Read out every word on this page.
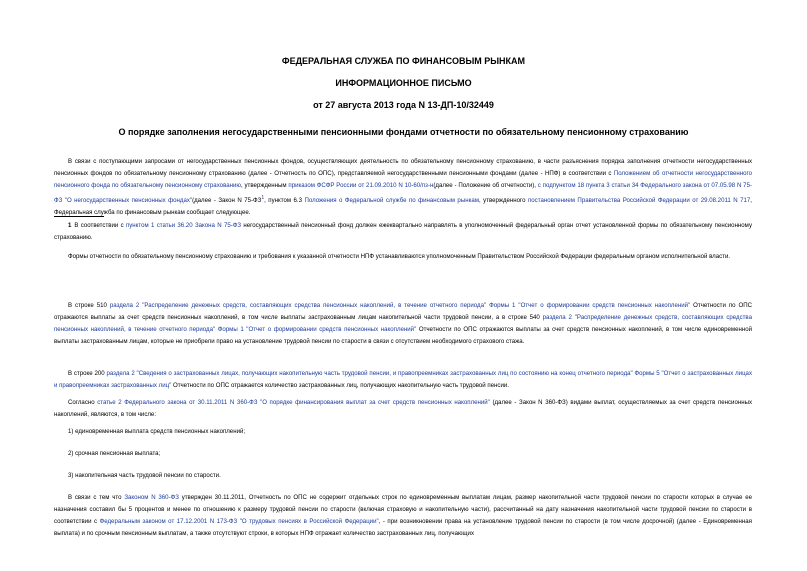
ФЕДЕРАЛЬНАЯ СЛУЖБА ПО ФИНАНСОВЫМ РЫНКАМ
ИНФОРМАЦИОННОЕ ПИСЬМО
от 27 августа 2013 года N 13-ДП-10/32449
О порядке заполнения негосударственными пенсионными фондами отчетности по обязательному пенсионному страхованию
В связи с поступающими запросами от негосударственных пенсионных фондов, осуществляющих деятельность по обязательному пенсионному страхованию, в части разъяснения порядка заполнения отчетности негосударственных пенсионных фондов по обязательному пенсионному страхованию (далее - Отчетность по ОПС), представляемой негосударственными пенсионными фондами (далее - НПФ) в соответствии с Положением об отчетности негосударственного пенсионного фонда по обязательному пенсионному страхованию, утвержденным приказом ФСФР России от 21.09.2010 N 10-60/пз-н(далее - Положение об отчетности), с подпунктом 18 пункта 3 статьи 34 Федерального закона от 07.05.98 N 75-ФЗ "О негосударственных пенсионных фондах"(далее - Закон N $75-ФЗ^1$, пунктом 6.3 Положения о Федеральной службе по финансовым рынкам, утвержденного постановлением Правительства Российской Федерации от 29.08.2011 N 717, Федеральная служба по финансовым рынкам сообщает следующее.
1 В соответствии с пунктом 1 статьи 36.20 Закона N 75-ФЗ негосударственный пенсионный фонд должен ежеквартально направлять в уполномоченный федеральный орган отчет установленной формы по обязательному пенсионному страхованию.
Формы отчетности по обязательному пенсионному страхованию и требования к указанной отчетности НПФ устанавливаются уполномоченным Правительством Российской Федерации федеральным органом исполнительной власти.
В строке 510 раздела 2 "Распределение денежных средств, составляющих средства пенсионных накоплений, в течение отчетного периода" Формы 1 "Отчет о формировании средств пенсионных накоплений" Отчетности по ОПС отражаются выплаты за счет средств пенсионных накоплений, в том числе выплаты застрахованным лицам накопительной части трудовой пенсии, а в строке 540 раздела 2 "Распределение денежных средств, составляющих средства пенсионных накоплений, в течение отчетного периода" Формы 1 "Отчет о формировании средств пенсионных накоплений" Отчетности по ОПС отражаются выплаты за счет средств пенсионных накоплений, в том числе единовременной выплаты застрахованным лицам, которые не приобрели право на установление трудовой пенсии по старости в связи с отсутствием необходимого страхового стажа.
В строке 200 раздела 2 "Сведения о застрахованных лицах, получающих накопительную часть трудовой пенсии, и правопреемниках застрахованных лиц по состоянию на конец отчетного периода" Формы 5 "Отчет о застрахованных лицах и правопреемниках застрахованных лиц" Отчетности по ОПС отражается количество застрахованных лиц, получающих накопительную часть трудовой пенсии.
Согласно статье 2 Федерального закона от 30.11.2011 N 360-ФЗ "О порядке финансирования выплат за счет средств пенсионных накоплений" (далее - Закон N 360-ФЗ) видами выплат, осуществляемых за счет средств пенсионных накоплений, являются, в том числе:
1) единовременная выплата средств пенсионных накоплений;
2) срочная пенсионная выплата;
3) накопительная часть трудовой пенсии по старости.
В связи с тем что Законом N 360-ФЗ утвержден 30.11.2011, Отчетность по ОПС не содержит отдельных строк по единовременным выплатам лицам, размер накопительной части трудовой пенсии по старости которых в случае ее назначения составил бы 5 процентов и менее по отношению к размеру трудовой пенсии по старости (включая страховую и накопительную части), рассчитанный на дату назначения накопительной части трудовой пенсии по старости в соответствии с Федеральным законом от 17.12.2001 N 173-ФЗ "О трудовых пенсиях в Российской Федерации", - при возникновении права на установление трудовой пенсии по старости (в том числе досрочной) (далее - Единовременная выплата) и по срочным пенсионным выплатам, а также отсутствуют строки, в которых НПФ отражает количество застрахованных лиц, получающих
